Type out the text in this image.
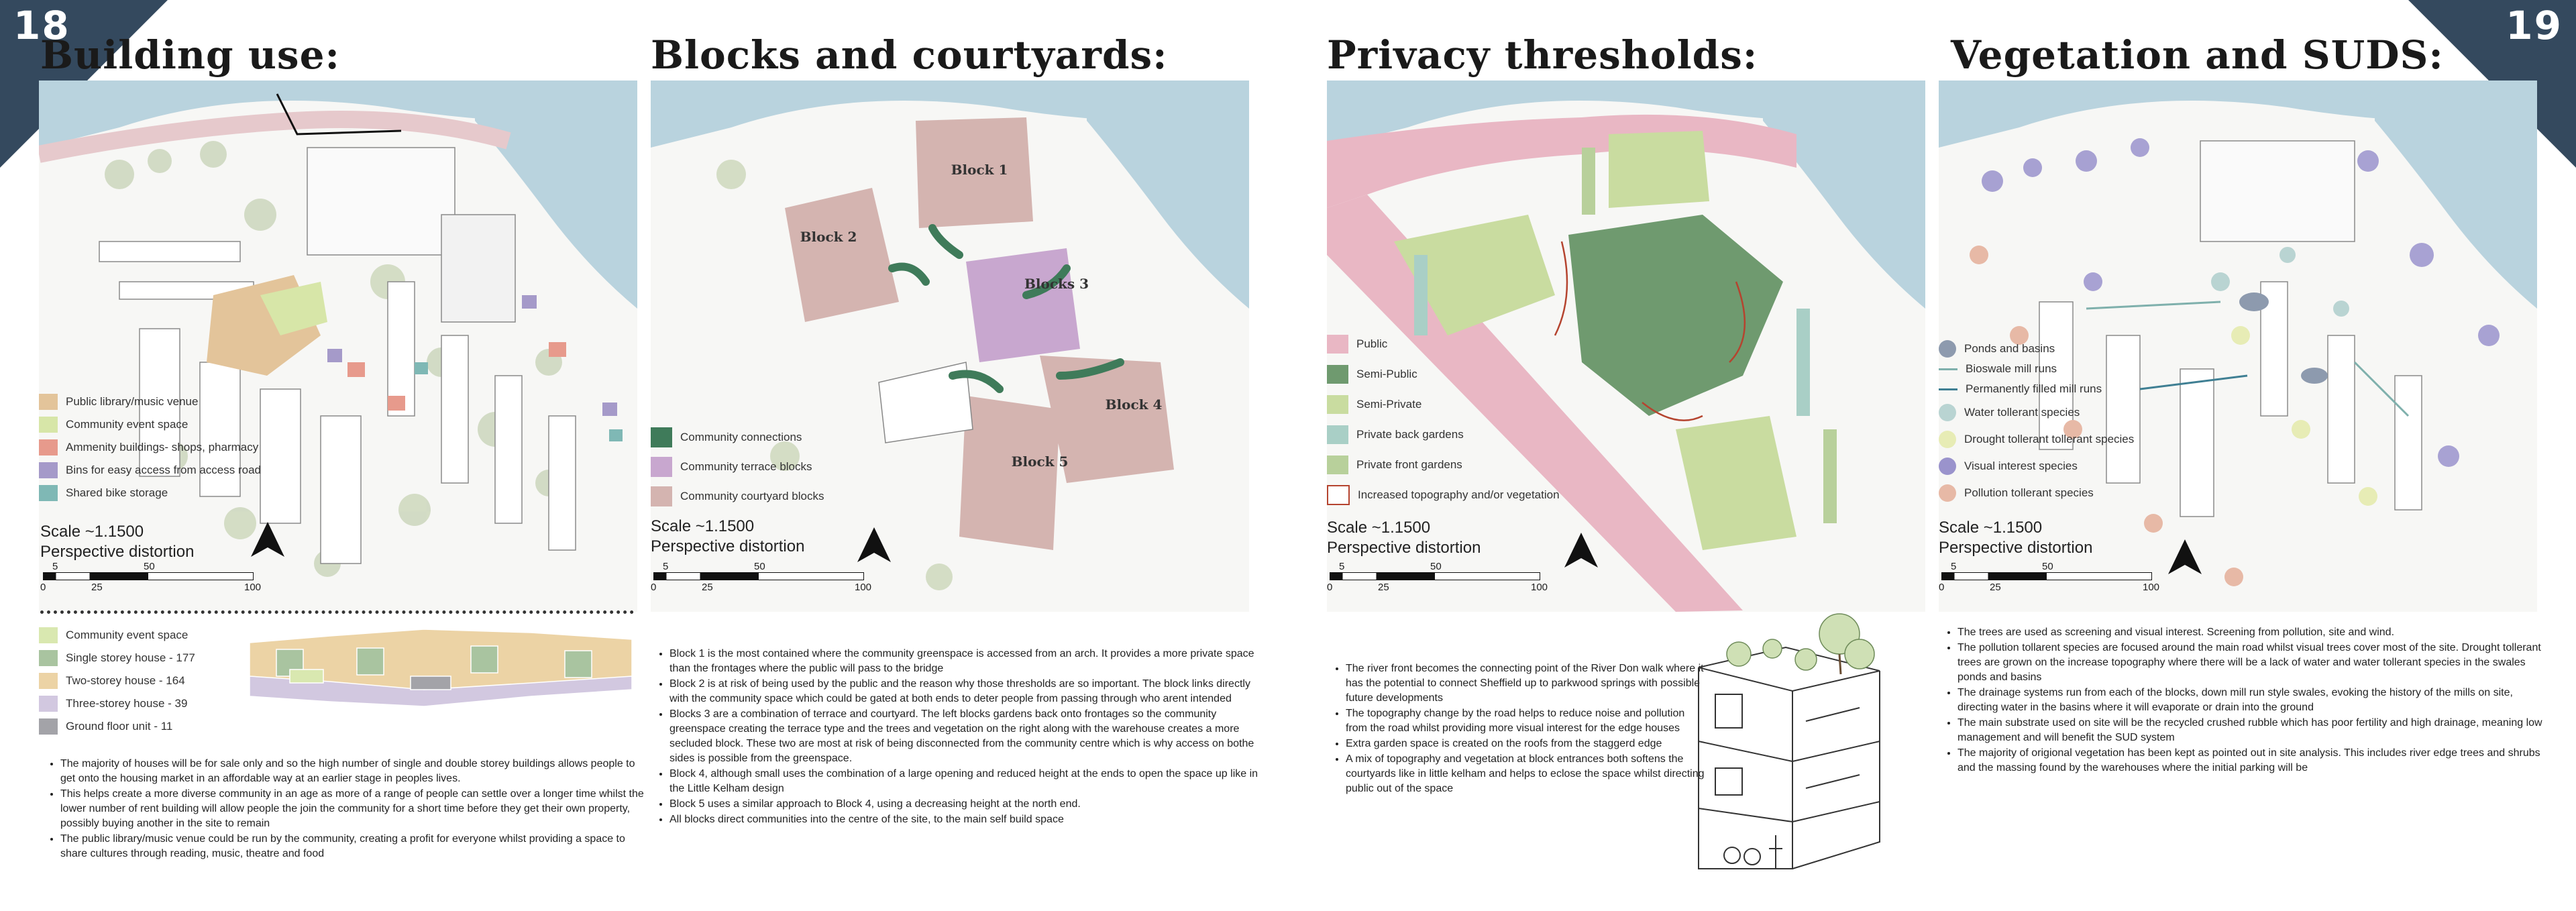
18	19
Building use:	Blocks and courtyards:	Privacy thresholds:	Vegetation and SUDS:
Public library/music venue
Community event space
Ammenity buildings- shops, pharmacy
Bins for easy access from access road
Shared bike storage
Scale ~1.1500
Perspective distortion
5	50
0	25	100
Community event space
Single storey house - 177
Two-storey house - 164
Three-storey house - 39
Ground floor unit - 11
• The majority of houses will be for sale only and so the high number of single and double storey buildings allows people to get onto the housing market in an affordable way at an earlier stage in peoples lives.
• This helps create a more diverse community in an age as more of a range of people can settle over a longer time whilst the lower number of rent building will allow people the join the community for a short time before they get their own property, possibly buying another in the site to remain
• The public library/music venue could be run by the community, creating a profit for everyone whilst providing a space to share cultures through reading, music, theatre and food
Block 1
Block 2
Blocks 3
Block 4
Block 5
Community connections
Community terrace blocks
Community courtyard blocks
Scale ~1.1500
Perspective distortion
5	50
0	25	100
• Block 1 is the most contained where the community greenspace is accessed from an arch. It provides a more private space than the frontages where the public will pass to the bridge
• Block 2 is at risk of being used by the public and the reason why those thresholds are so important. The block links directly with the community space which could be gated at both ends to deter people from passing through who arent intended
• Blocks 3 are a combination of terrace and courtyard. The left blocks gardens back onto frontages so the community greenspace creating the terrace type and the trees and vegetation on the right along with the warehouse creates a more secluded block. These two are most at risk of being disconnected from the community centre which is why access on bothe sides is possible from the greenspace.
• Block 4, although small uses the combination of a large opening and reduced height at the ends to open the space up like in the Little Kelham design
• Block 5 uses a similar approach to Block 4, using a decreasing height at the north end.
• All blocks direct communities into the centre of the site, to the main self build space
Public
Semi-Public
Semi-Private
Private back gardens
Private front gardens
Increased topography and/or vegetation
Scale ~1.1500
Perspective distortion
5	50
0	25	100
• The river front becomes the connecting point of the River Don walk where it has the potential to connect Sheffield up to parkwood springs with possible future developments
• The topography change by the road helps to reduce noise and pollution from the road whilst providing more visual interest for the edge houses
• Extra garden space is created on the roofs from the staggerd edge
• A mix of topography and vegetation at block entrances both softens the courtyards like in little kelham and helps to eclose the space whilst directing public out of the space
Ponds and basins
Bioswale mill runs
Permanently filled mill runs
Water tollerant species
Drought tollerant tollerant species
Visual interest species
Pollution tollerant species
Scale ~1.1500
Perspective distortion
5	50
0	25	100
• The trees are used as screening and visual interest. Screening from pollution, site and wind.
• The pollution tollarent species are focused around the main road whilst visual trees cover most of the site. Drought tollerant trees are grown on the increase topography where there will be a lack of water and water tollerant species in the swales ponds and basins
• The drainage systems run from each of the blocks, down mill run style swales, evoking the history of the mills on site, directing water in the basins where it will evaporate or drain into the ground
• The main substrate used on site will be the recycled crushed rubble which has poor fertility and high drainage, meaning low management and will benefit the SUD system
• The majority of origional vegetation has been kept as pointed out in site analysis. This includes river edge trees and shrubs and the massing found by the warehouses where the initial parking will be
